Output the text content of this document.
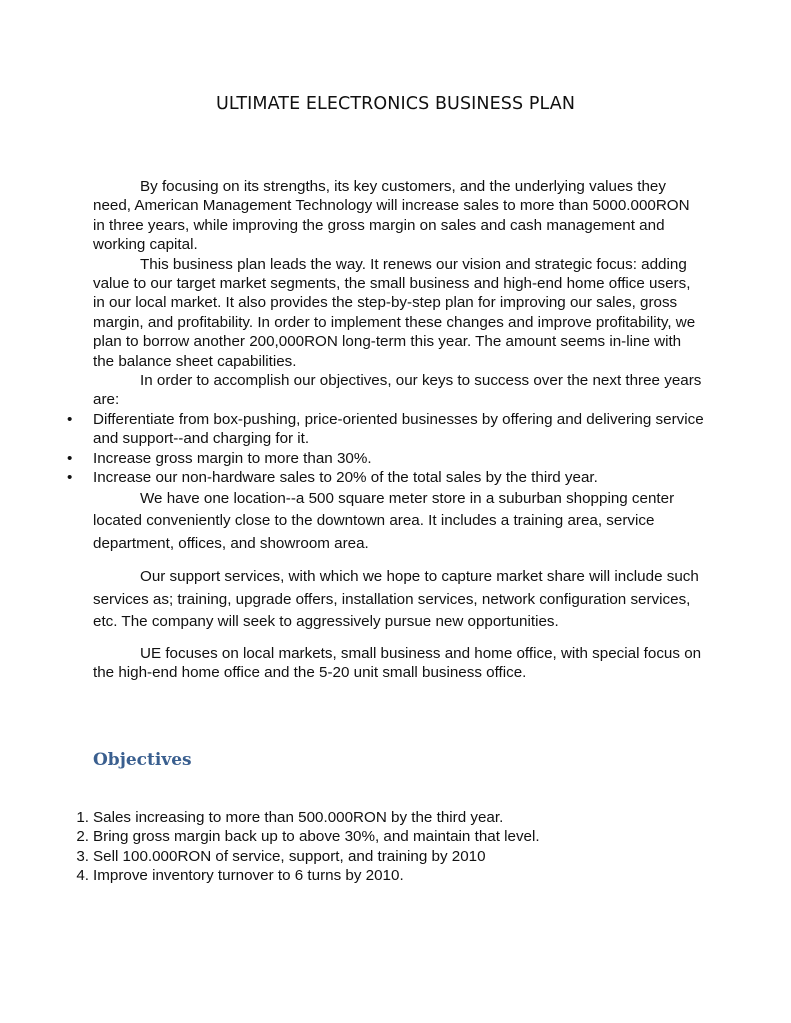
ULTIMATE ELECTRONICS BUSINESS PLAN

By focusing on its strengths, its key customers, and the underlying values they need, American Management Technology will increase sales to more than 5000.000RON in three years, while improving the gross margin on sales and cash management and working capital.

This business plan leads the way. It renews our vision and strategic focus: adding value to our target market segments, the small business and high-end home office users, in our local market. It also provides the step-by-step plan for improving our sales, gross margin, and profitability. In order to implement these changes and improve profitability, we plan to borrow another 200,000RON long-term this year. The amount seems in-line with the balance sheet capabilities.

In order to accomplish our objectives, our keys to success over the next three years are:

• Differentiate from box-pushing, price-oriented businesses by offering and delivering service and support--and charging for it.
• Increase gross margin to more than 30%.
• Increase our non-hardware sales to 20% of the total sales by the third year.

We have one location--a 500 square meter store in a suburban shopping center located conveniently close to the downtown area. It includes a training area, service department, offices, and showroom area.

Our support services, with which we hope to capture market share will include such services as; training, upgrade offers, installation services, network configuration services, etc. The company will seek to aggressively pursue new opportunities.

UE focuses on local markets, small business and home office, with special focus on the high-end home office and the 5-20 unit small business office.

Objectives
1. Sales increasing to more than 500.000RON by the third year.
2. Bring gross margin back up to above 30%, and maintain that level.
3. Sell 100.000RON of service, support, and training by 2010
4. Improve inventory turnover to 6 turns by 2010.
